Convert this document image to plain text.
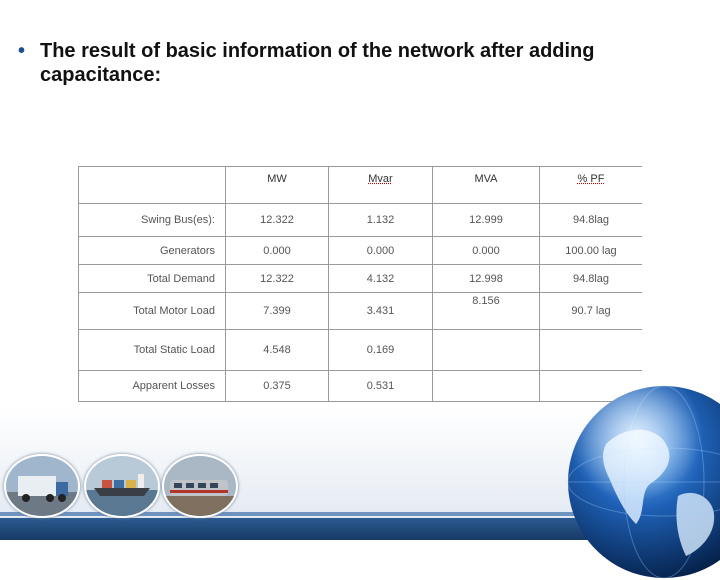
• The result of basic information of the network after adding capacitance:
	MW	Mvar	MVA	% PF
Swing Bus(es):	12.322	1.132	12.999	94.8lag
Generators	0.000	0.000	0.000	100.00 lag
Total Demand	12.322	4.132	12.998	94.8lag
Total Motor Load	7.399	3.431	8.156	90.7 lag
Total Static Load	4.548	0.169		
Apparent Losses	0.375	0.531		
